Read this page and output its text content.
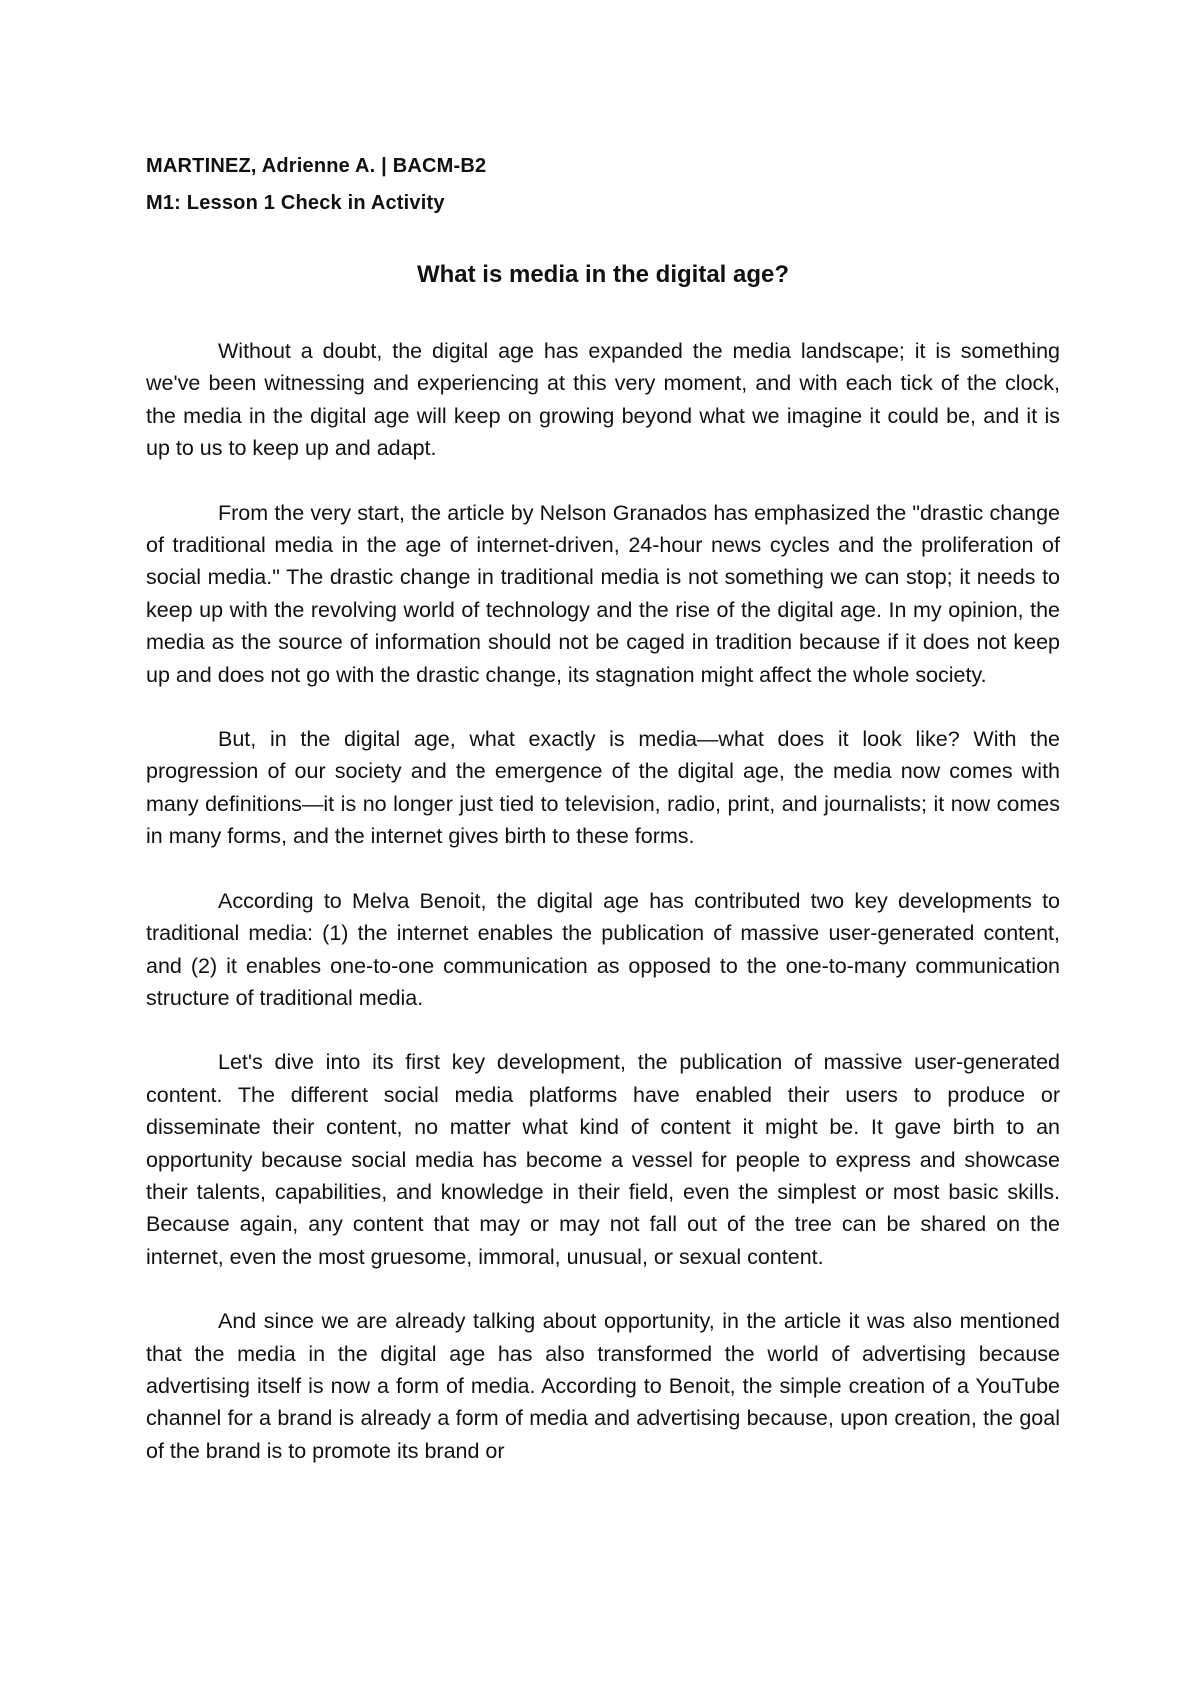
MARTINEZ, Adrienne A. | BACM-B2

M1: Lesson 1 Check in Activity

What is media in the digital age?

Without a doubt, the digital age has expanded the media landscape; it is something we've been witnessing and experiencing at this very moment, and with each tick of the clock, the media in the digital age will keep on growing beyond what we imagine it could be, and it is up to us to keep up and adapt.

From the very start, the article by Nelson Granados has emphasized the "drastic change of traditional media in the age of internet-driven, 24-hour news cycles and the proliferation of social media." The drastic change in traditional media is not something we can stop; it needs to keep up with the revolving world of technology and the rise of the digital age. In my opinion, the media as the source of information should not be caged in tradition because if it does not keep up and does not go with the drastic change, its stagnation might affect the whole society.

But, in the digital age, what exactly is media—what does it look like? With the progression of our society and the emergence of the digital age, the media now comes with many definitions—it is no longer just tied to television, radio, print, and journalists; it now comes in many forms, and the internet gives birth to these forms.

According to Melva Benoit, the digital age has contributed two key developments to traditional media: (1) the internet enables the publication of massive user-generated content, and (2) it enables one-to-one communication as opposed to the one-to-many communication structure of traditional media.

Let's dive into its first key development, the publication of massive user-generated content. The different social media platforms have enabled their users to produce or disseminate their content, no matter what kind of content it might be. It gave birth to an opportunity because social media has become a vessel for people to express and showcase their talents, capabilities, and knowledge in their field, even the simplest or most basic skills. Because again, any content that may or may not fall out of the tree can be shared on the internet, even the most gruesome, immoral, unusual, or sexual content.

And since we are already talking about opportunity, in the article it was also mentioned that the media in the digital age has also transformed the world of advertising because advertising itself is now a form of media. According to Benoit, the simple creation of a YouTube channel for a brand is already a form of media and advertising because, upon creation, the goal of the brand is to promote its brand or
